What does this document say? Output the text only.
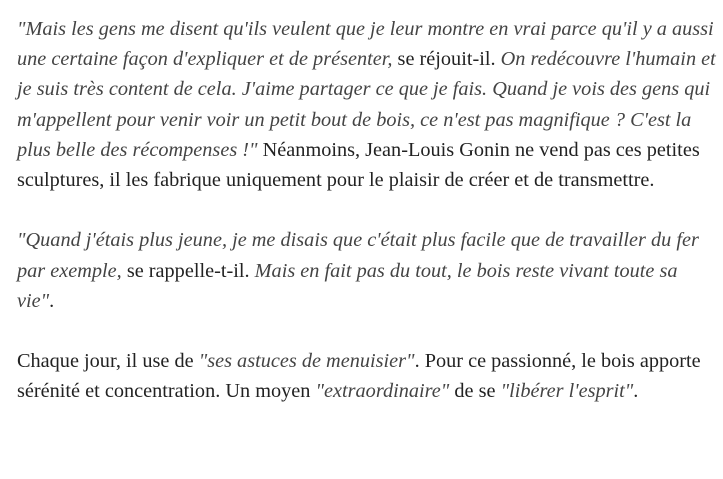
"Mais les gens me disent qu'ils veulent que je leur montre en vrai parce qu'il y a aussi une certaine façon d'expliquer et de présenter, se réjouit-il. On redécouvre l'humain et je suis très content de cela. J'aime partager ce que je fais. Quand je vois des gens qui m'appellent pour venir voir un petit bout de bois, ce n'est pas magnifique ? C'est la plus belle des récompenses !" Néanmoins, Jean-Louis Gonin ne vend pas ces petites sculptures, il les fabrique uniquement pour le plaisir de créer et de transmettre.

"Quand j'étais plus jeune, je me disais que c'était plus facile que de travailler du fer par exemple, se rappelle-t-il. Mais en fait pas du tout, le bois reste vivant toute sa vie".

Chaque jour, il use de "ses astuces de menuisier". Pour ce passionné, le bois apporte sérénité et concentration. Un moyen "extraordinaire" de se "libérer l'esprit".
